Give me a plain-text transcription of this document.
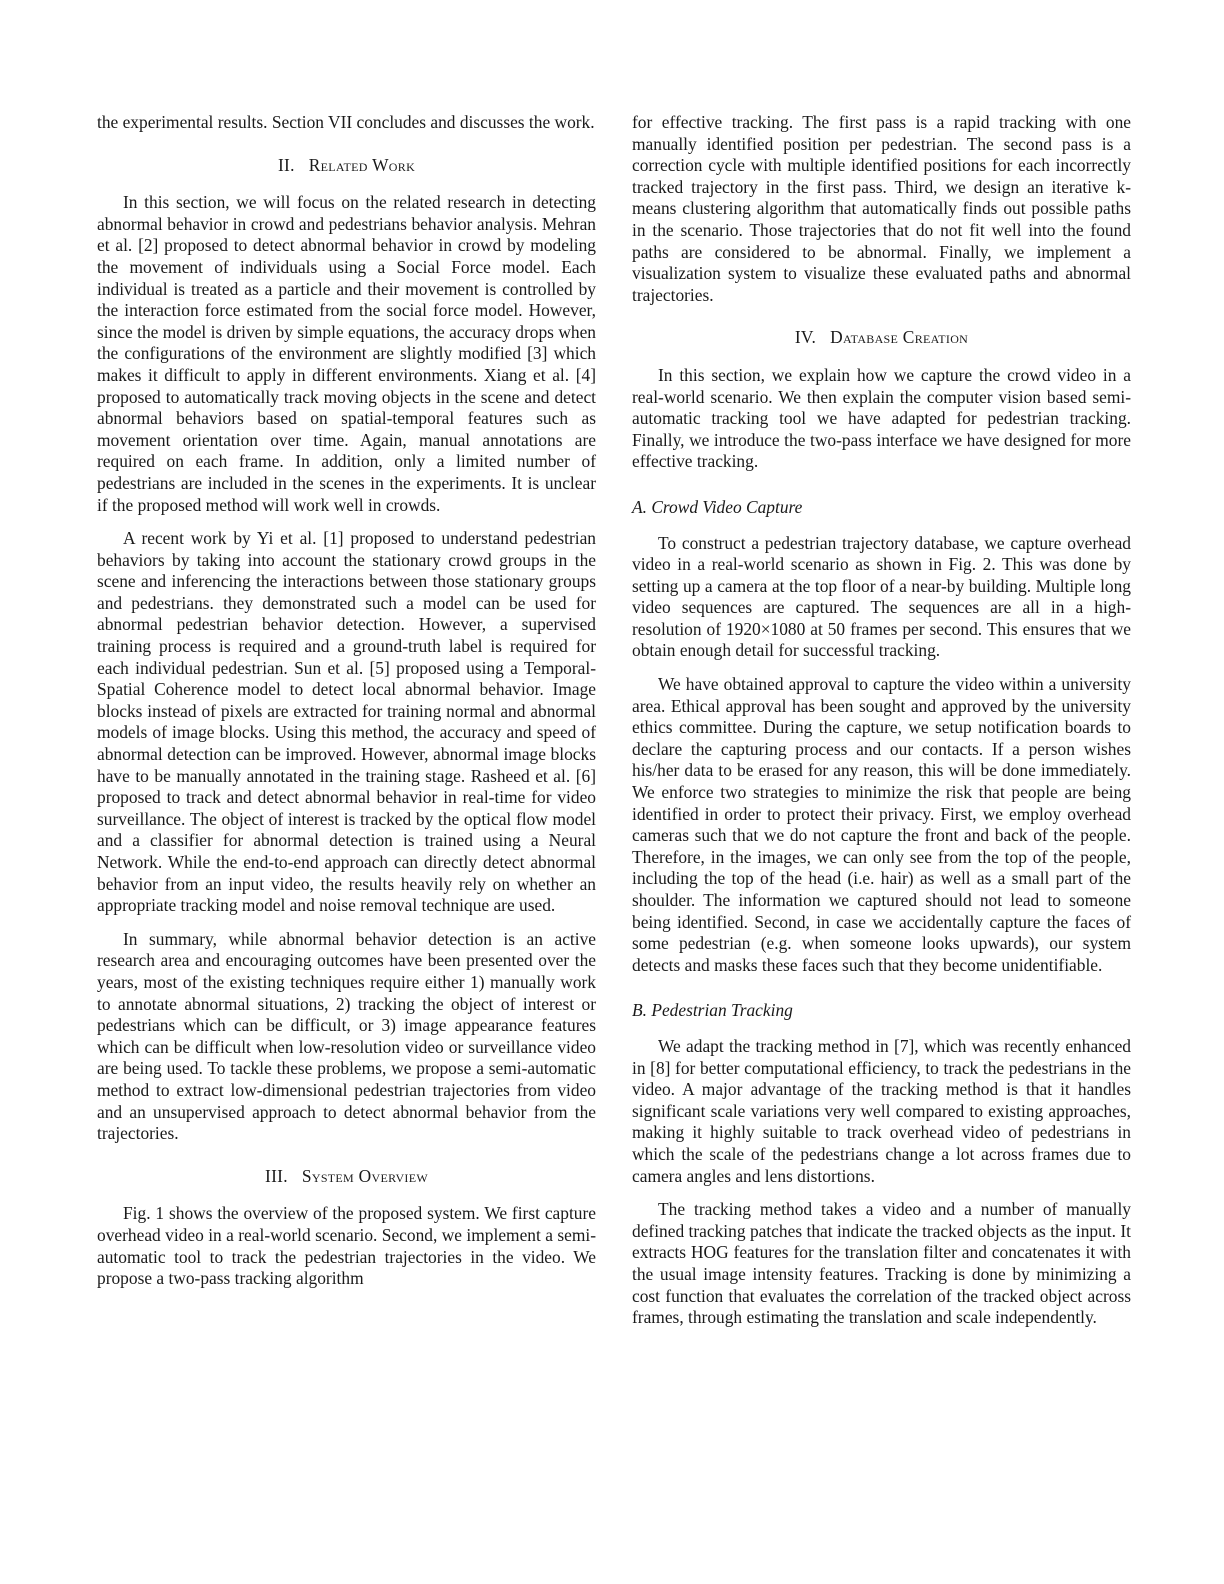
the experimental results. Section VII concludes and discusses the work.

II. Related Work

In this section, we will focus on the related research in detecting abnormal behavior in crowd and pedestrians behavior analysis. Mehran et al. [2] proposed to detect abnormal behavior in crowd by modeling the movement of individuals using a Social Force model. Each individual is treated as a particle and their movement is controlled by the interaction force estimated from the social force model. However, since the model is driven by simple equations, the accuracy drops when the configurations of the environment are slightly modified [3] which makes it difficult to apply in different environments. Xiang et al. [4] proposed to automatically track moving objects in the scene and detect abnormal behaviors based on spatial-temporal features such as movement orientation over time. Again, manual annotations are required on each frame. In addition, only a limited number of pedestrians are included in the scenes in the experiments. It is unclear if the proposed method will work well in crowds.

A recent work by Yi et al. [1] proposed to understand pedestrian behaviors by taking into account the stationary crowd groups in the scene and inferencing the interactions between those stationary groups and pedestrians. they demonstrated such a model can be used for abnormal pedestrian behavior detection. However, a supervised training process is required and a ground-truth label is required for each individual pedestrian. Sun et al. [5] proposed using a Temporal-Spatial Coherence model to detect local abnormal behavior. Image blocks instead of pixels are extracted for training normal and abnormal models of image blocks. Using this method, the accuracy and speed of abnormal detection can be improved. However, abnormal image blocks have to be manually annotated in the training stage. Rasheed et al. [6] proposed to track and detect abnormal behavior in real-time for video surveillance. The object of interest is tracked by the optical flow model and a classifier for abnormal detection is trained using a Neural Network. While the end-to-end approach can directly detect abnormal behavior from an input video, the results heavily rely on whether an appropriate tracking model and noise removal technique are used.

In summary, while abnormal behavior detection is an active research area and encouraging outcomes have been presented over the years, most of the existing techniques require either 1) manually work to annotate abnormal situations, 2) tracking the object of interest or pedestrians which can be difficult, or 3) image appearance features which can be difficult when low-resolution video or surveillance video are being used. To tackle these problems, we propose a semi-automatic method to extract low-dimensional pedestrian trajectories from video and an unsupervised approach to detect abnormal behavior from the trajectories.

III. System Overview

Fig. 1 shows the overview of the proposed system. We first capture overhead video in a real-world scenario. Second, we implement a semi-automatic tool to track the pedestrian trajectories in the video. We propose a two-pass tracking algorithm

for effective tracking. The first pass is a rapid tracking with one manually identified position per pedestrian. The second pass is a correction cycle with multiple identified positions for each incorrectly tracked trajectory in the first pass. Third, we design an iterative k-means clustering algorithm that automatically finds out possible paths in the scenario. Those trajectories that do not fit well into the found paths are considered to be abnormal. Finally, we implement a visualization system to visualize these evaluated paths and abnormal trajectories.

IV. Database Creation

In this section, we explain how we capture the crowd video in a real-world scenario. We then explain the computer vision based semi-automatic tracking tool we have adapted for pedestrian tracking. Finally, we introduce the two-pass interface we have designed for more effective tracking.

A. Crowd Video Capture

To construct a pedestrian trajectory database, we capture overhead video in a real-world scenario as shown in Fig. 2. This was done by setting up a camera at the top floor of a near-by building. Multiple long video sequences are captured. The sequences are all in a high-resolution of 1920×1080 at 50 frames per second. This ensures that we obtain enough detail for successful tracking.

We have obtained approval to capture the video within a university area. Ethical approval has been sought and approved by the university ethics committee. During the capture, we setup notification boards to declare the capturing process and our contacts. If a person wishes his/her data to be erased for any reason, this will be done immediately. We enforce two strategies to minimize the risk that people are being identified in order to protect their privacy. First, we employ overhead cameras such that we do not capture the front and back of the people. Therefore, in the images, we can only see from the top of the people, including the top of the head (i.e. hair) as well as a small part of the shoulder. The information we captured should not lead to someone being identified. Second, in case we accidentally capture the faces of some pedestrian (e.g. when someone looks upwards), our system detects and masks these faces such that they become unidentifiable.

B. Pedestrian Tracking

We adapt the tracking method in [7], which was recently enhanced in [8] for better computational efficiency, to track the pedestrians in the video. A major advantage of the tracking method is that it handles significant scale variations very well compared to existing approaches, making it highly suitable to track overhead video of pedestrians in which the scale of the pedestrians change a lot across frames due to camera angles and lens distortions.

The tracking method takes a video and a number of manually defined tracking patches that indicate the tracked objects as the input. It extracts HOG features for the translation filter and concatenates it with the usual image intensity features. Tracking is done by minimizing a cost function that evaluates the correlation of the tracked object across frames, through estimating the translation and scale independently.
